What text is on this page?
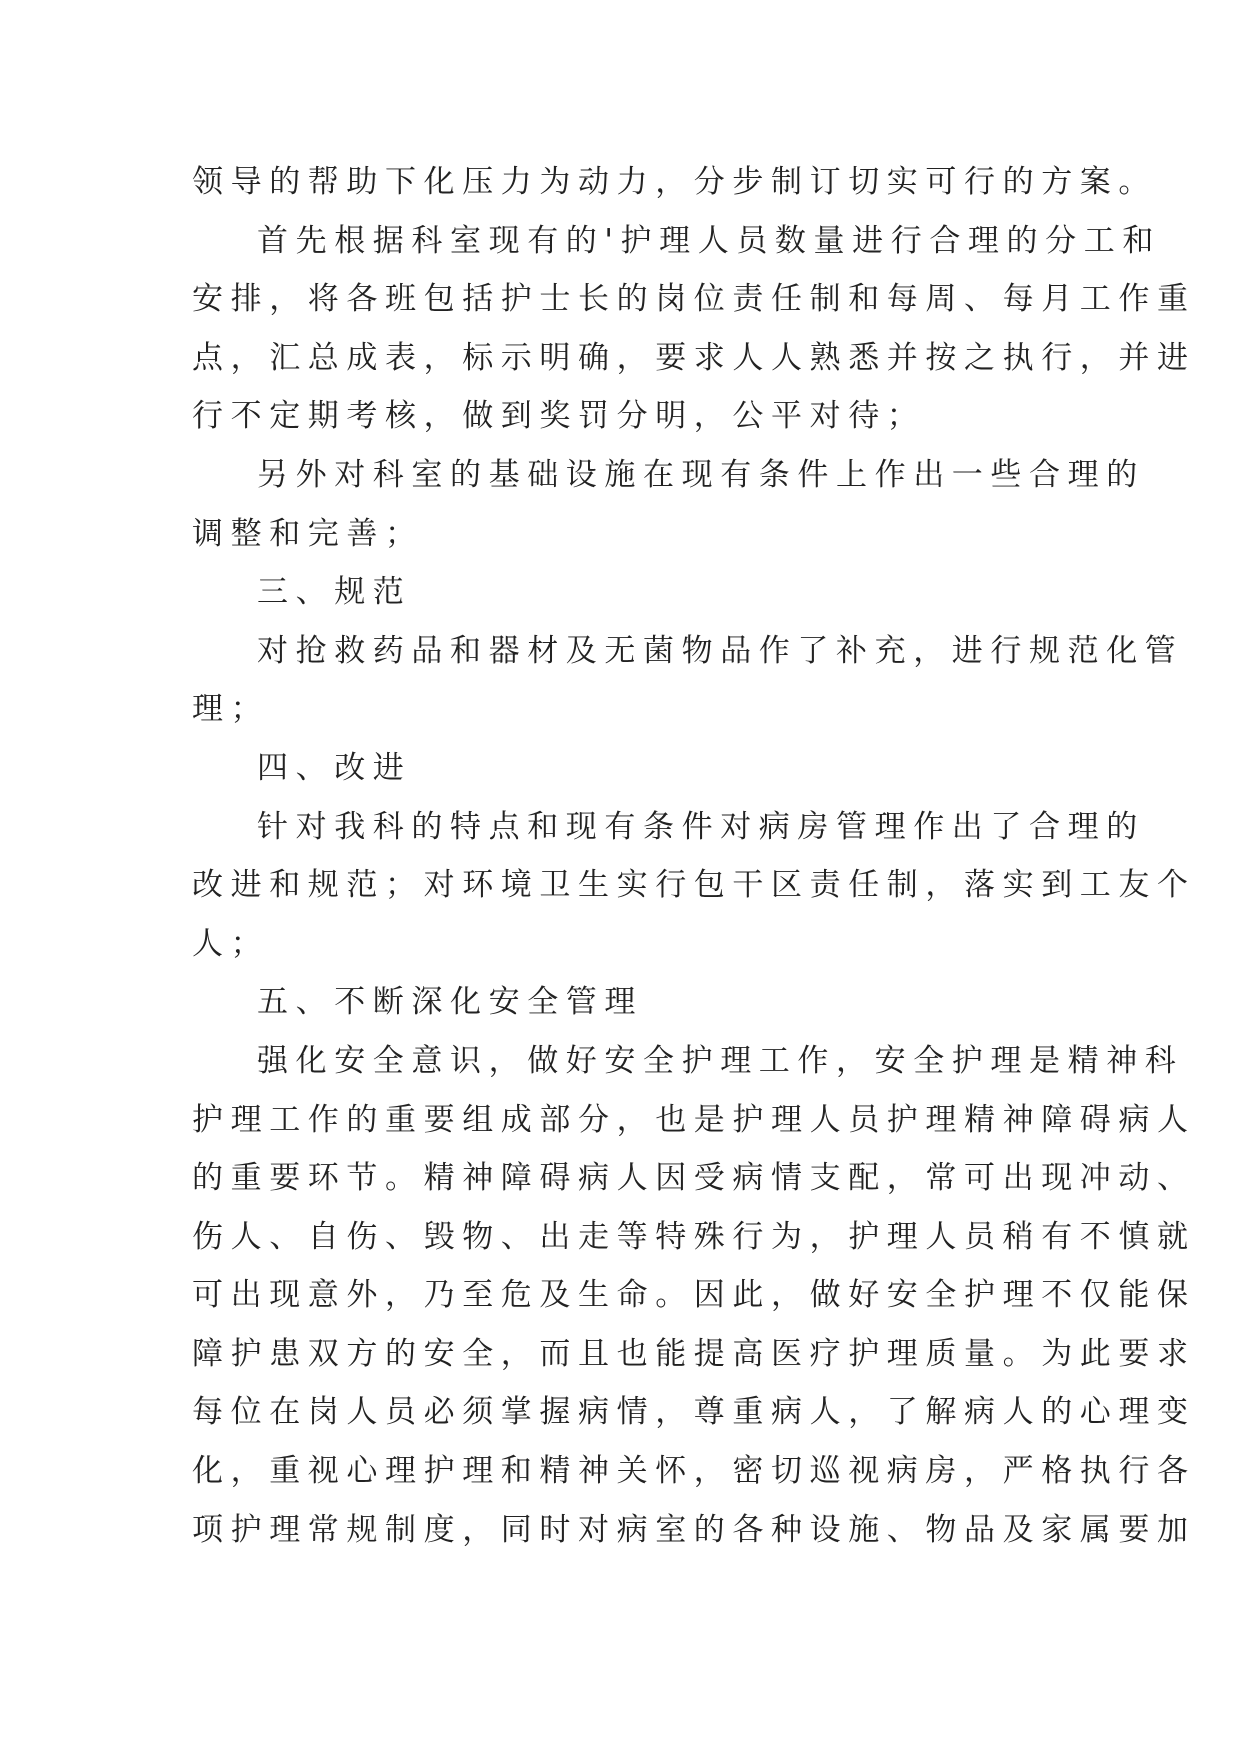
领导的帮助下化压力为动力，分步制订切实可行的方案。
首先根据科室现有的'护理人员数量进行合理的分工和
安排，将各班包括护士长的岗位责任制和每周、每月工作重
点，汇总成表，标示明确，要求人人熟悉并按之执行，并进
行不定期考核，做到奖罚分明，公平对待；
另外对科室的基础设施在现有条件上作出一些合理的
调整和完善；
三、规范
对抢救药品和器材及无菌物品作了补充，进行规范化管
理；
四、改进
针对我科的特点和现有条件对病房管理作出了合理的
改进和规范；对环境卫生实行包干区责任制，落实到工友个
人；
五、不断深化安全管理
强化安全意识，做好安全护理工作，安全护理是精神科
护理工作的重要组成部分，也是护理人员护理精神障碍病人
的重要环节。精神障碍病人因受病情支配，常可出现冲动、
伤人、自伤、毁物、出走等特殊行为，护理人员稍有不慎就
可出现意外，乃至危及生命。因此，做好安全护理不仅能保
障护患双方的安全，而且也能提高医疗护理质量。为此要求
每位在岗人员必须掌握病情，尊重病人，了解病人的心理变
化，重视心理护理和精神关怀，密切巡视病房，严格执行各
项护理常规制度，同时对病室的各种设施、物品及家属要加
